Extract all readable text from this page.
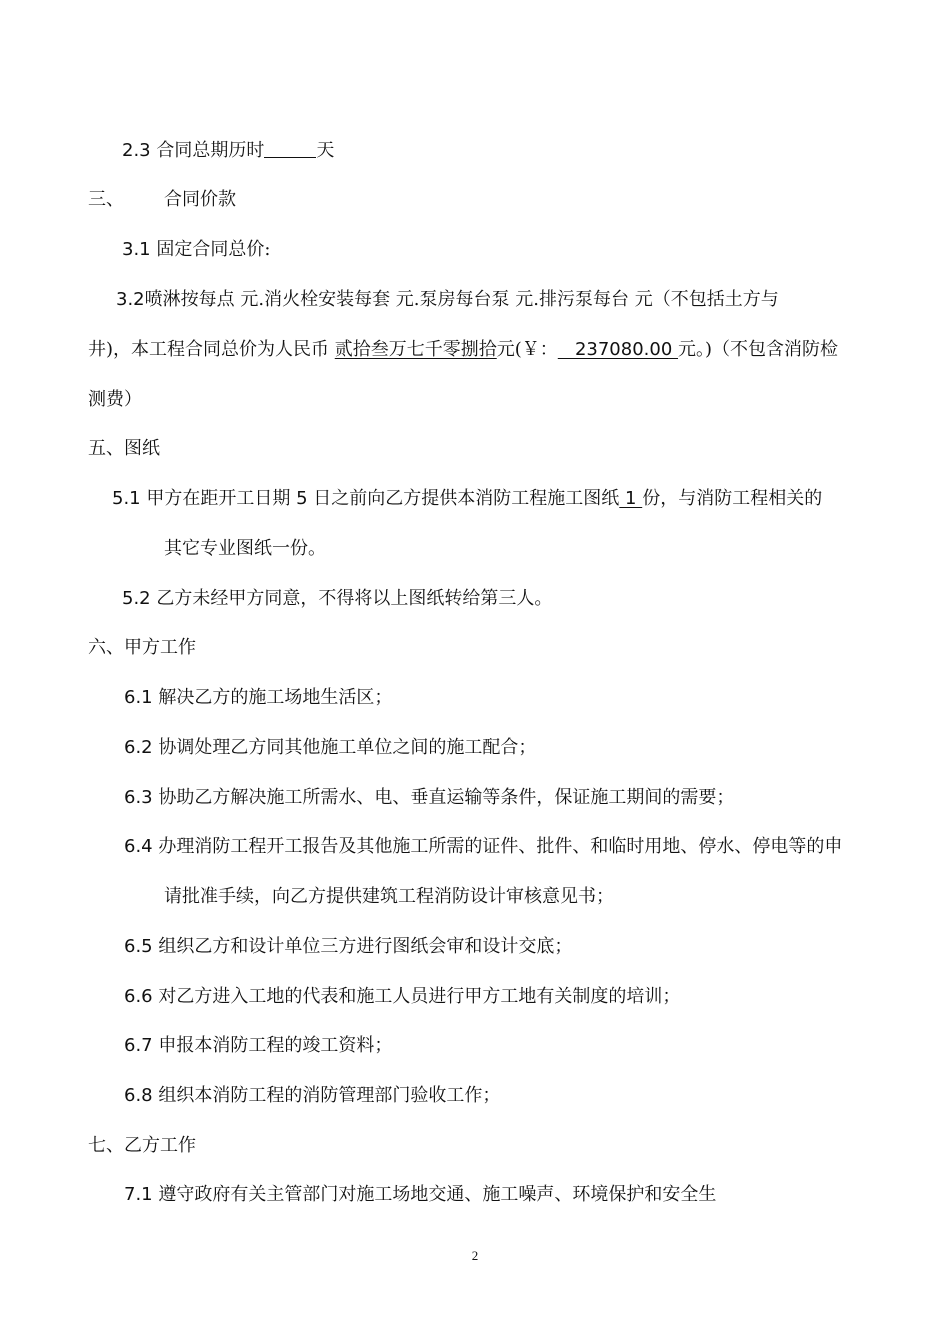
2.3 合同总期历时	天
三、 合同价款
3.1 固定合同总价:
3.2喷淋按每点 元.消火栓安装每套 元.泵房每台泵 元.排污泵每台 元（不包括土方与
井)，本工程合同总价为人民币 贰拾叁万七千零捌拾元(￥：   237080.00 元。)（不包含消防检
测费）
五、图纸
5.1 甲方在距开工日期 5 日之前向乙方提供本消防工程施工图纸 1 份，与消防工程相关的
其它专业图纸一份。
5.2 乙方未经甲方同意，不得将以上图纸转给第三人。
六、甲方工作
6.1 解决乙方的施工场地生活区；
6.2 协调处理乙方同其他施工单位之间的施工配合；
6.3 协助乙方解决施工所需水、电、垂直运输等条件，保证施工期间的需要；
6.4 办理消防工程开工报告及其他施工所需的证件、批件、和临时用地、停水、停电等的申
请批准手续，向乙方提供建筑工程消防设计审核意见书；
6.5 组织乙方和设计单位三方进行图纸会审和设计交底；
6.6 对乙方进入工地的代表和施工人员进行甲方工地有关制度的培训；
6.7 申报本消防工程的竣工资料；
6.8 组织本消防工程的消防管理部门验收工作；
七、乙方工作
7.1 遵守政府有关主管部门对施工场地交通、施工噪声、环境保护和安全生
2
